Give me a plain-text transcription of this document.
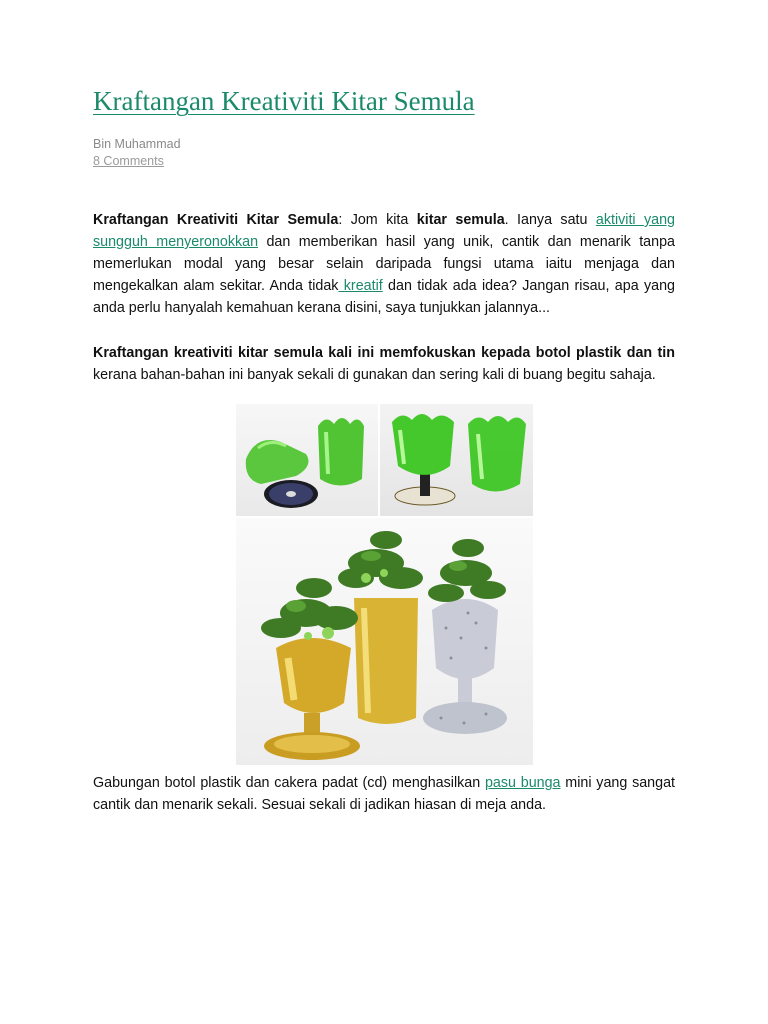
Kraftangan Kreativiti Kitar Semula
Bin Muhammad
8 Comments

Kraftangan Kreativiti Kitar Semula: Jom kita kitar semula. Ianya satu aktiviti yang sungguh menyeronokkan dan memberikan hasil yang unik, cantik dan menarik tanpa memerlukan modal yang besar selain daripada fungsi utama iaitu menjaga dan mengekalkan alam sekitar. Anda tidak kreatif dan tidak ada idea? Jangan risau, apa yang anda perlu hanyalah kemahuan kerana disini, saya tunjukkan jalannya...

Kraftangan kreativiti kitar semula kali ini memfokuskan kepada botol plastik dan tin kerana bahan-bahan ini banyak sekali di gunakan dan sering kali di buang begitu sahaja.

Gabungan botol plastik dan cakera padat (cd) menghasilkan pasu bunga mini yang sangat cantik dan menarik sekali. Sesuai sekali di jadikan hiasan di meja anda.
